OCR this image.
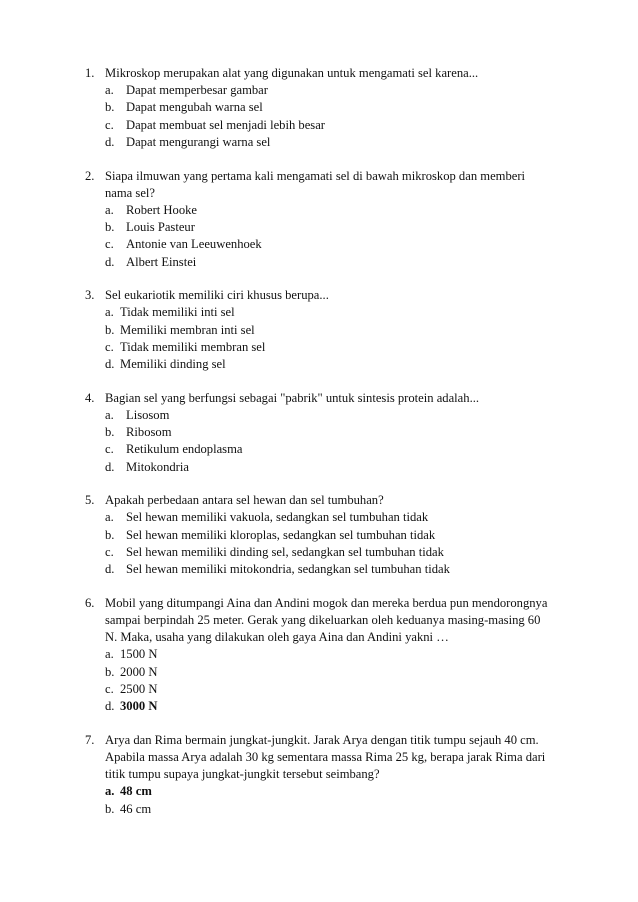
1. Mikroskop merupakan alat yang digunakan untuk mengamati sel karena...
a. Dapat memperbesar gambar
b. Dapat mengubah warna sel
c. Dapat membuat sel menjadi lebih besar
d. Dapat mengurangi warna sel
2. Siapa ilmuwan yang pertama kali mengamati sel di bawah mikroskop dan memberi
nama sel?
a. Robert Hooke
b. Louis Pasteur
c. Antonie van Leeuwenhoek
d. Albert Einstei
3. Sel eukariotik memiliki ciri khusus berupa...
a. Tidak memiliki inti sel
b. Memiliki membran inti sel
c. Tidak memiliki membran sel
d. Memiliki dinding sel
4. Bagian sel yang berfungsi sebagai "pabrik" untuk sintesis protein adalah...
a. Lisosom
b. Ribosom
c. Retikulum endoplasma
d. Mitokondria
5. Apakah perbedaan antara sel hewan dan sel tumbuhan?
a. Sel hewan memiliki vakuola, sedangkan sel tumbuhan tidak
b. Sel hewan memiliki kloroplas, sedangkan sel tumbuhan tidak
c. Sel hewan memiliki dinding sel, sedangkan sel tumbuhan tidak
d. Sel hewan memiliki mitokondria, sedangkan sel tumbuhan tidak
6. Mobil yang ditumpangi Aina dan Andini mogok dan mereka berdua pun mendorongnya
sampai berpindah 25 meter. Gerak yang dikeluarkan oleh keduanya masing-masing 60
N. Maka, usaha yang dilakukan oleh gaya Aina dan Andini yakni …
a. 1500 N
b. 2000 N
c. 2500 N
d. 3000 N
7. Arya dan Rima bermain jungkat-jungkit. Jarak Arya dengan titik tumpu sejauh 40 cm.
Apabila massa Arya adalah 30 kg sementara massa Rima 25 kg, berapa jarak Rima dari
titik tumpu supaya jungkat-jungkit tersebut seimbang?
a. 48 cm
b. 46 cm
